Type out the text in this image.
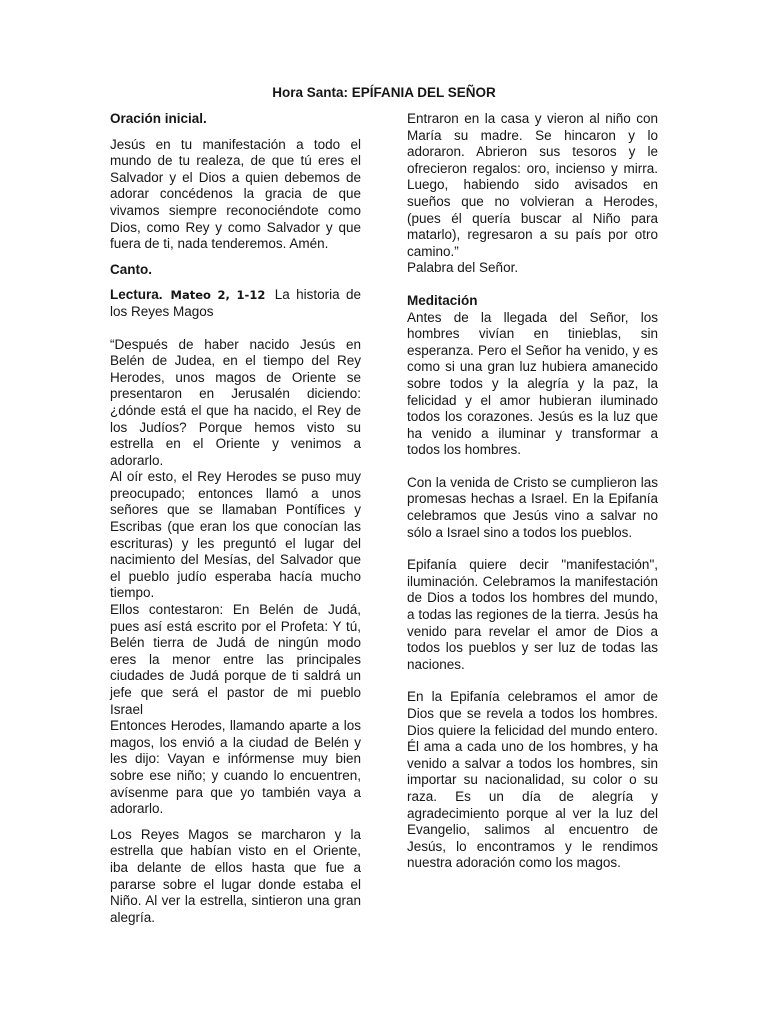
Hora Santa: EPÍFANIA DEL SEÑOR

Oración inicial.

Jesús en tu manifestación a todo el mundo de tu realeza, de que tú eres el Salvador y el Dios a quien debemos de adorar concédenos la gracia de que vivamos siempre reconociéndote como Dios, como Rey y como Salvador y que fuera de ti, nada tenderemos. Amén.

Canto.

Lectura. Mateo 2, 1-12 La historia de los Reyes Magos

“Después de haber nacido Jesús en Belén de Judea, en el tiempo del Rey Herodes, unos magos de Oriente se presentaron en Jerusalén diciendo: ¿dónde está el que ha nacido, el Rey de los Judíos? Porque hemos visto su estrella en el Oriente y venimos a adorarlo.

Al oír esto, el Rey Herodes se puso muy preocupado; entonces llamó a unos señores que se llamaban Pontífices y Escribas (que eran los que conocían las escrituras) y les preguntó el lugar del nacimiento del Mesías, del Salvador que el pueblo judío esperaba hacía mucho tiempo.

Ellos contestaron: En Belén de Judá, pues así está escrito por el Profeta: Y tú, Belén tierra de Judá de ningún modo eres la menor entre las principales ciudades de Judá porque de ti saldrá un jefe que será el pastor de mi pueblo Israel

Entonces Herodes, llamando aparte a los magos, los envió a la ciudad de Belén y les dijo: Vayan e infórmense muy bien sobre ese niño; y cuando lo encuentren, avísenme para que yo también vaya a adorarlo.

Los Reyes Magos se marcharon y la estrella que habían visto en el Oriente, iba delante de ellos hasta que fue a pararse sobre el lugar donde estaba el Niño. Al ver la estrella, sintieron una gran alegría.

Entraron en la casa y vieron al niño con María su madre. Se hincaron y lo adoraron. Abrieron sus tesoros y le ofrecieron regalos: oro, incienso y mirra. Luego, habiendo sido avisados en sueños que no volvieran a Herodes, (pues él quería buscar al Niño para matarlo), regresaron a su país por otro camino.”

Palabra del Señor.

Meditación

Antes de la llegada del Señor, los hombres vivían en tinieblas, sin esperanza. Pero el Señor ha venido, y es como si una gran luz hubiera amanecido sobre todos y la alegría y la paz, la felicidad y el amor hubieran iluminado todos los corazones. Jesús es la luz que ha venido a iluminar y transformar a todos los hombres.

Con la venida de Cristo se cumplieron las promesas hechas a Israel. En la Epifanía celebramos que Jesús vino a salvar no sólo a Israel sino a todos los pueblos.

Epifanía quiere decir "manifestación", iluminación. Celebramos la manifestación de Dios a todos los hombres del mundo, a todas las regiones de la tierra. Jesús ha venido para revelar el amor de Dios a todos los pueblos y ser luz de todas las naciones.

En la Epifanía celebramos el amor de Dios que se revela a todos los hombres. Dios quiere la felicidad del mundo entero. Él ama a cada uno de los hombres, y ha venido a salvar a todos los hombres, sin importar su nacionalidad, su color o su raza. Es un día de alegría y agradecimiento porque al ver la luz del Evangelio, salimos al encuentro de Jesús, lo encontramos y le rendimos nuestra adoración como los magos.
